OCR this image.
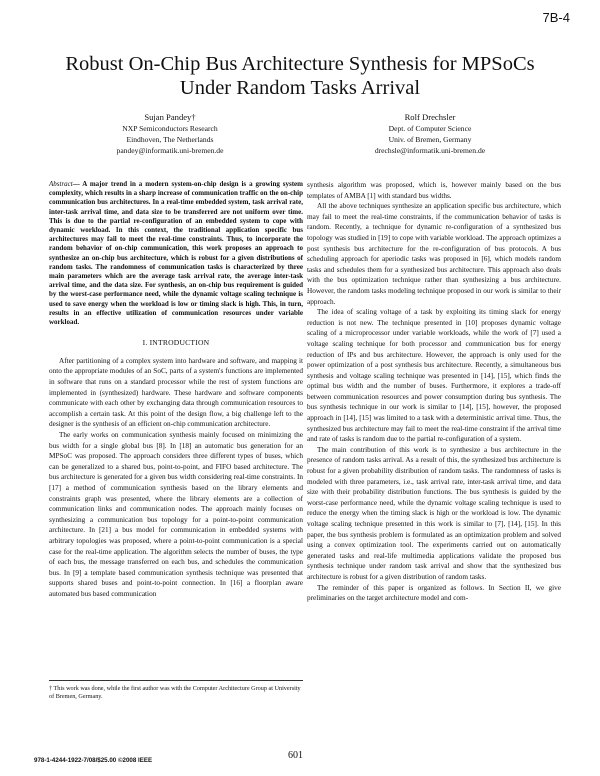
7B-4
Robust On-Chip Bus Architecture Synthesis for MPSoCs
Under Random Tasks Arrival
Sujan Pandey†
NXP Semiconductors Research
Eindhoven, The Netherlands
pandey@informatik.uni-bremen.de
Rolf Drechsler
Dept. of Computer Science
Univ. of Bremen, Germany
drechsle@informatik.uni-bremen.de
Abstract— A major trend in a modern system-on-chip design is a growing system complexity, which results in a sharp increase of communication traffic on the on-chip communication bus architectures. In a real-time embedded system, task arrival rate, inter-task arrival time, and data size to be transferred are not uniform over time. This is due to the partial re-configuration of an embedded system to cope with dynamic workload. In this context, the traditional application specific bus architectures may fail to meet the real-time constraints. Thus, to incorporate the random behavior of on-chip communication, this work proposes an approach to synthesize an on-chip bus architecture, which is robust for a given distributions of random tasks. The randomness of communication tasks is characterized by three main parameters which are the average task arrival rate, the average inter-task arrival time, and the data size. For synthesis, an on-chip bus requirement is guided by the worst-case performance need, while the dynamic voltage scaling technique is used to save energy when the workload is low or timing slack is high. This, in turn, results in an effective utilization of communication resources under variable workload.
I. INTRODUCTION

After partitioning of a complex system into hardware and software, and mapping it onto the appropriate modules of an SoC, parts of a system's functions are implemented in software that runs on a standard processor while the rest of system functions are implemented in (synthesized) hardware. These hardware and software components communicate with each other by exchanging data through communication resources to accomplish a certain task. At this point of the design flow, a big challenge left to the designer is the synthesis of an efficient on-chip communication architecture.

The early works on communication synthesis mainly focused on minimizing the bus width for a single global bus [8]. In [18] an automatic bus generation for an MPSoC was proposed. The approach considers three different types of buses, which can be generalized to a shared bus, point-to-point, and FIFO based architecture. The bus architecture is generated for a given bus width considering real-time constraints. In [17] a method of communication synthesis based on the library elements and constraints graph was presented, where the library elements are a collection of communication links and communication nodes. The approach mainly focuses on synthesizing a communication bus topology for a point-to-point communication architecture. In [21] a bus model for communication in embedded systems with arbitrary topologies was proposed, where a point-to-point communication is a special case for the real-time application. The algorithm selects the number of buses, the type of each bus, the message transferred on each bus, and schedules the communication bus. In [9] a template based communication synthesis technique was presented that supports shared buses and point-to-point connection. In [16] a floorplan aware automated bus based communication

† This work was done, while the first author was with the Computer Architecture Group at University of Bremen, Germany.

synthesis algorithm was proposed, which is, however mainly based on the bus templates of AMBA [1] with standard bus widths.

All the above techniques synthesize an application specific bus architecture, which may fail to meet the real-time constraints, if the communication behavior of tasks is random. Recently, a technique for dynamic re-configuration of a synthesized bus topology was studied in [19] to cope with variable workload. The approach optimizes a post synthesis bus architecture for the re-configuration of bus protocols. A bus scheduling approach for aperiodic tasks was proposed in [6], which models random tasks and schedules them for a synthesized bus architecture. This approach also deals with the bus optimization technique rather than synthesizing a bus architecture. However, the random tasks modeling technique proposed in our work is similar to their approach.

The idea of scaling voltage of a task by exploiting its timing slack for energy reduction is not new. The technique presented in [10] proposes dynamic voltage scaling of a microprocessor under variable workloads, while the work of [7] used a voltage scaling technique for both processor and communication bus for energy reduction of IPs and bus architecture. However, the approach is only used for the power optimization of a post synthesis bus architecture. Recently, a simultaneous bus synthesis and voltage scaling technique was presented in [14], [15], which finds the optimal bus width and the number of buses. Furthermore, it explores a trade-off between communication resources and power consumption during bus synthesis. The bus synthesis technique in our work is similar to [14], [15], however, the proposed approach in [14], [15] was limited to a task with a deterministic arrival time. Thus, the synthesized bus architecture may fail to meet the real-time constraint if the arrival time and rate of tasks is random due to the partial re-configuration of a system.

The main contribution of this work is to synthesize a bus architecture in the presence of random tasks arrival. As a result of this, the synthesized bus architecture is robust for a given probability distribution of random tasks. The randomness of tasks is modeled with three parameters, i.e., task arrival rate, inter-task arrival time, and data size with their probability distribution functions. The bus synthesis is guided by the worst-case performance need, while the dynamic voltage scaling technique is used to reduce the energy when the timing slack is high or the workload is low. The dynamic voltage scaling technique presented in this work is similar to [7], [14], [15]. In this paper, the bus synthesis problem is formulated as an optimization problem and solved using a convex optimization tool. The experiments carried out on automatically generated tasks and real-life multimedia applications validate the proposed bus synthesis technique under random task arrival and show that the synthesized bus architecture is robust for a given distribution of random tasks.

The reminder of this paper is organized as follows. In Section II, we give preliminaries on the target architecture model and com-

978-1-4244-1922-7/08/$25.00 ©2008 IEEE	601
